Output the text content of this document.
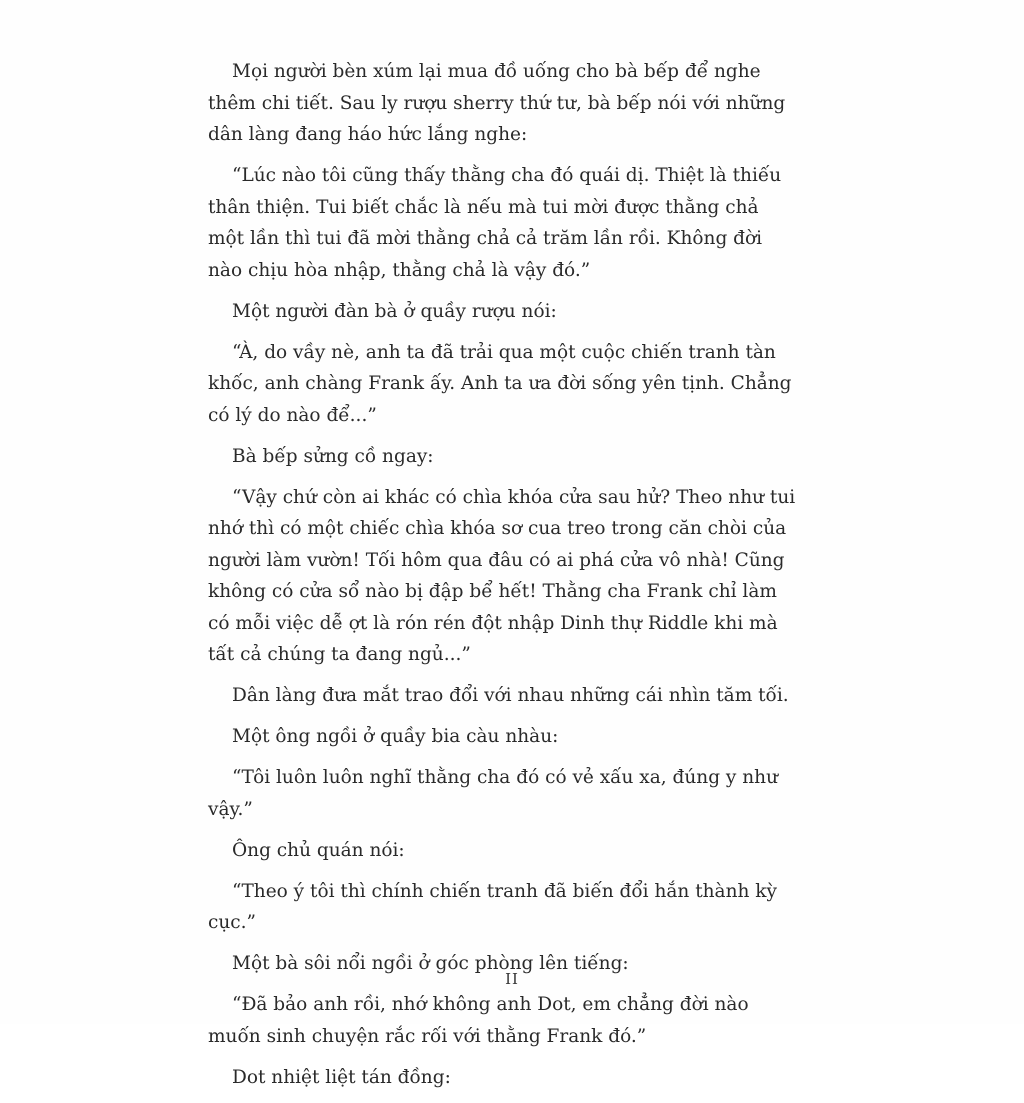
Mọi người bèn xúm lại mua đồ uống cho bà bếp để nghe thêm chi tiết. Sau ly rượu sherry thứ tư, bà bếp nói với những dân làng đang háo hức lắng nghe:

“Lúc nào tôi cũng thấy thằng cha đó quái dị. Thiệt là thiếu thân thiện. Tui biết chắc là nếu mà tui mời được thằng chả một lần thì tui đã mời thằng chả cả trăm lần rồi. Không đời nào chịu hòa nhập, thằng chả là vậy đó.”

Một người đàn bà ở quầy rượu nói:

“À, do vầy nè, anh ta đã trải qua một cuộc chiến tranh tàn khốc, anh chàng Frank ấy. Anh ta ưa đời sống yên tịnh. Chẳng có lý do nào để...”

Bà bếp sửng cồ ngay:

“Vậy chứ còn ai khác có chìa khóa cửa sau hử? Theo như tui nhớ thì có một chiếc chìa khóa sơ cua treo trong căn chòi của người làm vườn! Tối hôm qua đâu có ai phá cửa vô nhà! Cũng không có cửa sổ nào bị đập bể hết! Thằng cha Frank chỉ làm có mỗi việc dễ ợt là rón rén đột nhập Dinh thự Riddle khi mà tất cả chúng ta đang ngủ...”

Dân làng đưa mắt trao đổi với nhau những cái nhìn tăm tối.

Một ông ngồi ở quầy bia càu nhàu:

“Tôi luôn luôn nghĩ thằng cha đó có vẻ xấu xa, đúng y như vậy.”

Ông chủ quán nói:

“Theo ý tôi thì chính chiến tranh đã biến đổi hắn thành kỳ cục.”

Một bà sôi nổi ngồi ở góc phòng lên tiếng:

“Đã bảo anh rồi, nhớ không anh Dot, em chẳng đời nào muốn sinh chuyện rắc rối với thằng Frank đó.”

Dot nhiệt liệt tán đồng:

II
